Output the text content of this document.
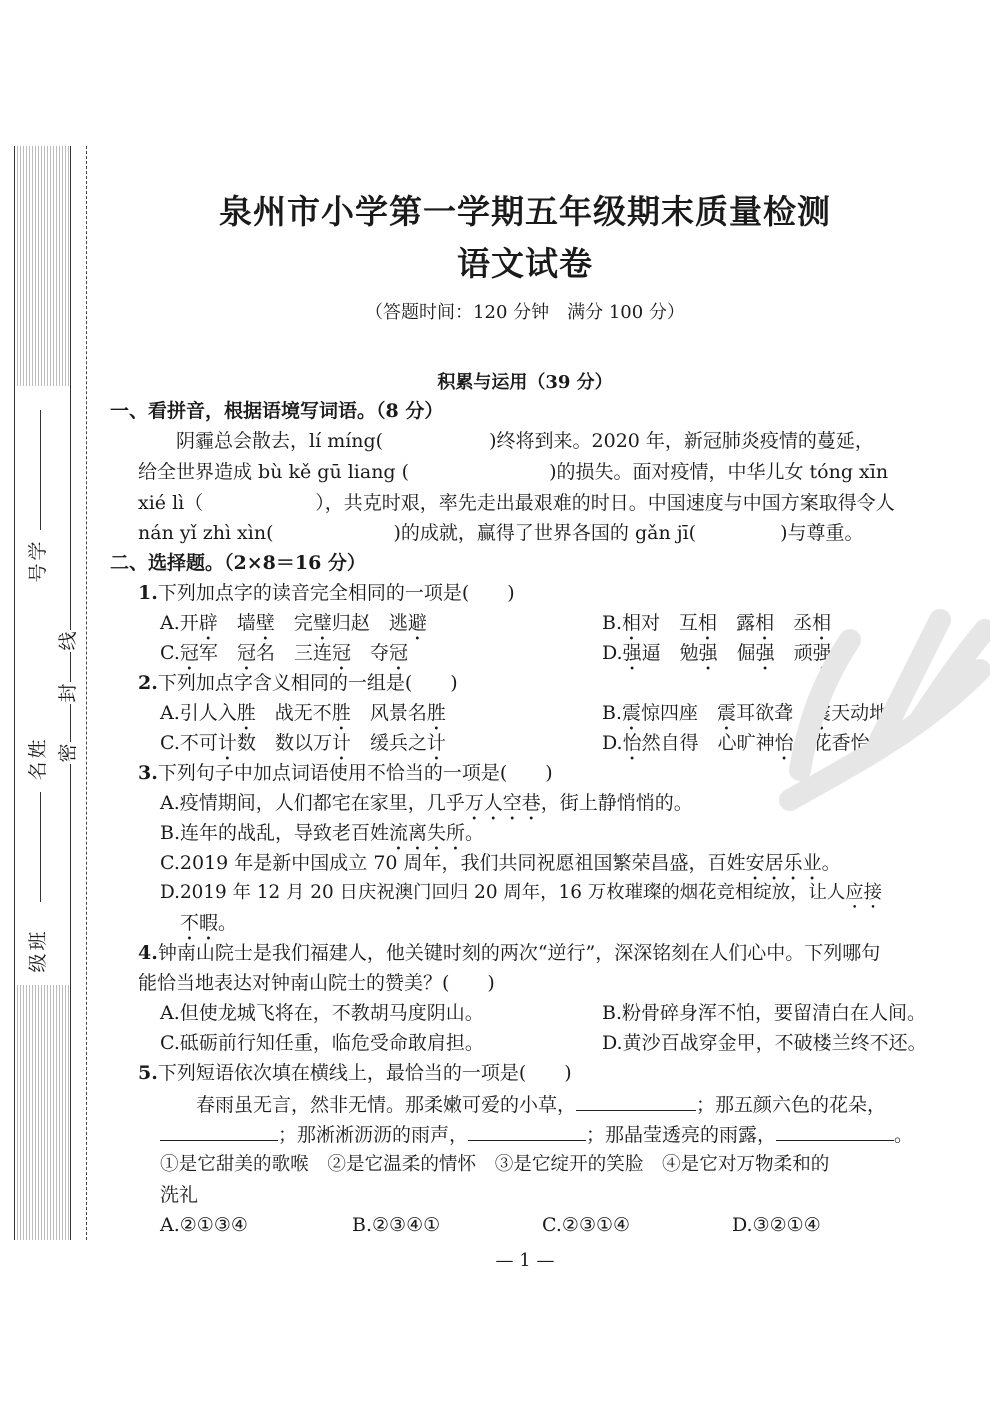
学
号
姓
名
班
级
密
封
线
泉州市小学第一学期五年级期末质量检测
语文试卷
（答题时间：120 分钟　满分 100 分）
积累与运用（39 分）
一、看拼音，根据语境写词语。（8 分）
阴霾总会散去，lí míng(	)终将到来。2020 年，新冠肺炎疫情的蔓延，
给全世界造成 bù kě gū liang (	)的损失。面对疫情，中华儿女 tóng xīn
xié lì（	），共克时艰，率先走出最艰难的时日。中国速度与中国方案取得令人
nán yǐ zhì xìn(	)的成就，赢得了世界各国的 gǎn jī(	)与尊重。
二、选择题。（2×8＝16 分）
1.下列加点字的读音完全相同的一项是(　　)
A.开辟　墙壁　完璧归赵　逃避	B.相对　互相　露相　丞相
C.冠军　冠名　三连冠　夺冠	D.强逼　勉强　倔强　顽强
2.下列加点字含义相同的一组是(　　)
A.引人入胜　战无不胜　风景名胜	B.震惊四座　震耳欲聋　震天动地
C.不可计数　数以万计　缓兵之计	D.怡然自得　心旷神怡　花香怡人
3.下列句子中加点词语使用不恰当的一项是(　　)
A.疫情期间，人们都宅在家里，几乎万人空巷，街上静悄悄的。
B.连年的战乱，导致老百姓流离失所。
C.2019 年是新中国成立 70 周年，我们共同祝愿祖国繁荣昌盛，百姓安居乐业。
D.2019 年 12 月 20 日庆祝澳门回归 20 周年，16 万枚璀璨的烟花竞相绽放，让人应接
不暇。
4.钟南山院士是我们福建人，他关键时刻的两次“逆行”，深深铭刻在人们心中。下列哪句
能恰当地表达对钟南山院士的赞美？(　　)
A.但使龙城飞将在，不教胡马度阴山。	B.粉骨碎身浑不怕，要留清白在人间。
C.砥砺前行知任重，临危受命敢肩担。	D.黄沙百战穿金甲，不破楼兰终不还。
5.下列短语依次填在横线上，最恰当的一项是(　　)
春雨虽无言，然非无情。那柔嫩可爱的小草，	；那五颜六色的花朵，
；那淅淅沥沥的雨声，	；那晶莹透亮的雨露，	。
①是它甜美的歌喉　②是它温柔的情怀　③是它绽开的笑脸　④是它对万物柔和的
洗礼
A.②①③④	B.②③④①	C.②③①④	D.③②①④
— 1 —
